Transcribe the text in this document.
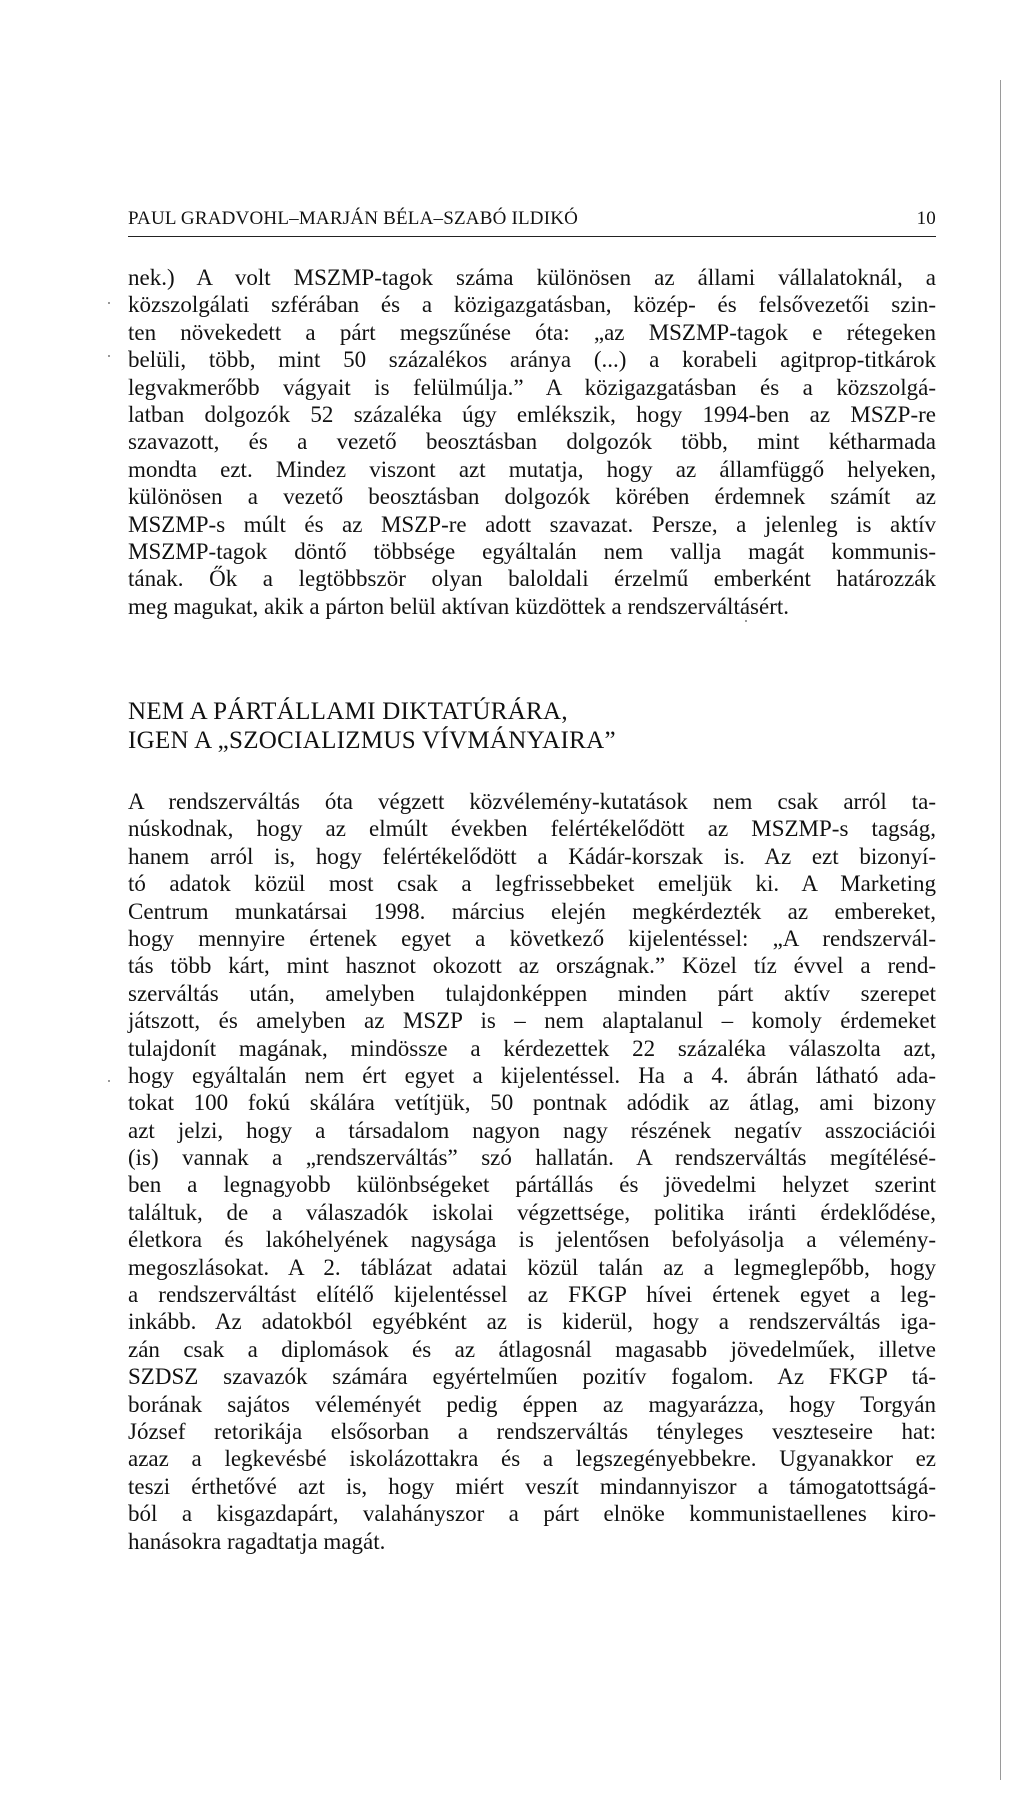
PAUL GRADVOHL–MARJÁN BÉLA–SZABÓ ILDIKÓ	10
nek.) A volt MSZMP-tagok száma különösen az állami vállalatoknál, a
közszolgálati szférában és a közigazgatásban, közép- és felsővezetői szin-
ten növekedett a párt megszűnése óta: „az MSZMP-tagok e rétegeken
belüli, több, mint 50 százalékos aránya (...) a korabeli agitprop-titkárok
legvakmerőbb vágyait is felülmúlja.” A közigazgatásban és a közszolgá-
latban dolgozók 52 százaléka úgy emlékszik, hogy 1994-ben az MSZP-re
szavazott, és a vezető beosztásban dolgozók több, mint kétharmada
mondta ezt. Mindez viszont azt mutatja, hogy az államfüggő helyeken,
különösen a vezető beosztásban dolgozók körében érdemnek számít az
MSZMP-s múlt és az MSZP-re adott szavazat. Persze, a jelenleg is aktív
MSZMP-tagok döntő többsége egyáltalán nem vallja magát kommunis-
tának. Ők a legtöbbször olyan baloldali érzelmű emberként határozzák
meg magukat, akik a párton belül aktívan küzdöttek a rendszerváltásért.
NEM A PÁRTÁLLAMI DIKTATÚRÁRA,
IGEN A „SZOCIALIZMUS VÍVMÁNYAIRA”
A rendszerváltás óta végzett közvélemény-kutatások nem csak arról ta-
núskodnak, hogy az elmúlt években felértékelődött az MSZMP-s tagság,
hanem arról is, hogy felértékelődött a Kádár-korszak is. Az ezt bizonyí-
tó adatok közül most csak a legfrissebbeket emeljük ki. A Marketing
Centrum munkatársai 1998. március elején megkérdezték az embereket,
hogy mennyire értenek egyet a következő kijelentéssel: „A rendszervál-
tás több kárt, mint hasznot okozott az országnak.” Közel tíz évvel a rend-
szerváltás után, amelyben tulajdonképpen minden párt aktív szerepet
játszott, és amelyben az MSZP is – nem alaptalanul – komoly érdemeket
tulajdonít magának, mindössze a kérdezettek 22 százaléka válaszolta azt,
hogy egyáltalán nem ért egyet a kijelentéssel. Ha a 4. ábrán látható ada-
tokat 100 fokú skálára vetítjük, 50 pontnak adódik az átlag, ami bizony
azt jelzi, hogy a társadalom nagyon nagy részének negatív asszociációi
(is) vannak a „rendszerváltás” szó hallatán. A rendszerváltás megítélésé-
ben a legnagyobb különbségeket pártállás és jövedelmi helyzet szerint
találtuk, de a válaszadók iskolai végzettsége, politika iránti érdeklődése,
életkora és lakóhelyének nagysága is jelentősen befolyásolja a vélemény-
megoszlásokat. A 2. táblázat adatai közül talán az a legmeglepőbb, hogy
a rendszerváltást elítélő kijelentéssel az FKGP hívei értenek egyet a leg-
inkább. Az adatokból egyébként az is kiderül, hogy a rendszerváltás iga-
zán csak a diplomások és az átlagosnál magasabb jövedelműek, illetve
SZDSZ szavazók számára egyértelműen pozitív fogalom. Az FKGP tá-
borának sajátos véleményét pedig éppen az magyarázza, hogy Torgyán
József retorikája elsősorban a rendszerváltás tényleges veszteseire hat:
azaz a legkevésbé iskolázottakra és a legszegényebbekre. Ugyanakkor ez
teszi érthetővé azt is, hogy miért veszít mindannyiszor a támogatottságá-
ból a kisgazdapárt, valahányszor a párt elnöke kommunistaellenes kiro-
hanásokra ragadtatja magát.
